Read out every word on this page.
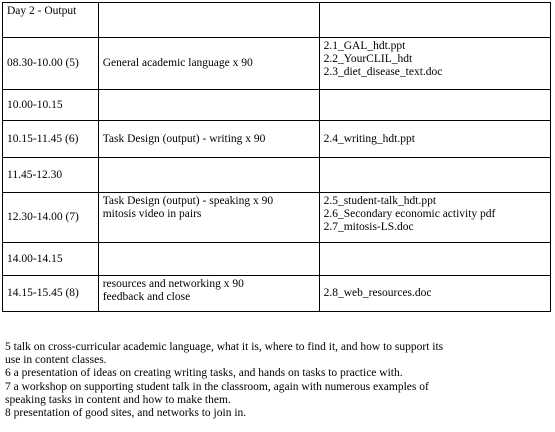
Day 2 - Output		

08.30-10.00 (5)	General academic language x 90	2.1_GAL_hdt.ppt
2.2_YourCLIL_hdt
2.3_diet_disease_text.doc

10.00-10.15		
10.15-11.45 (6)	Task Design (output) - writing x 90	2.4_writing_hdt.ppt

11.45-12.30		
12.30-14.00 (7)	Task Design (output) - speaking x 90
mitosis video in pairs	2.5_student-talk_hdt.ppt
2.6_Secondary economic activity pdf
2.7_mitosis-LS.doc

14.00-14.15		
14.15-15.45 (8)	resources and networking x 90
feedback and close	2.8_web_resources.doc
5 talk on cross-curricular academic language, what it is, where to find it, and how to support its
use in content classes.
6 a presentation of ideas on creating writing tasks, and hands on tasks to practice with.
7 a workshop on supporting student talk in the classroom, again with numerous examples of
speaking tasks in content and how to make them.
8 presentation of good sites, and networks to join in.
